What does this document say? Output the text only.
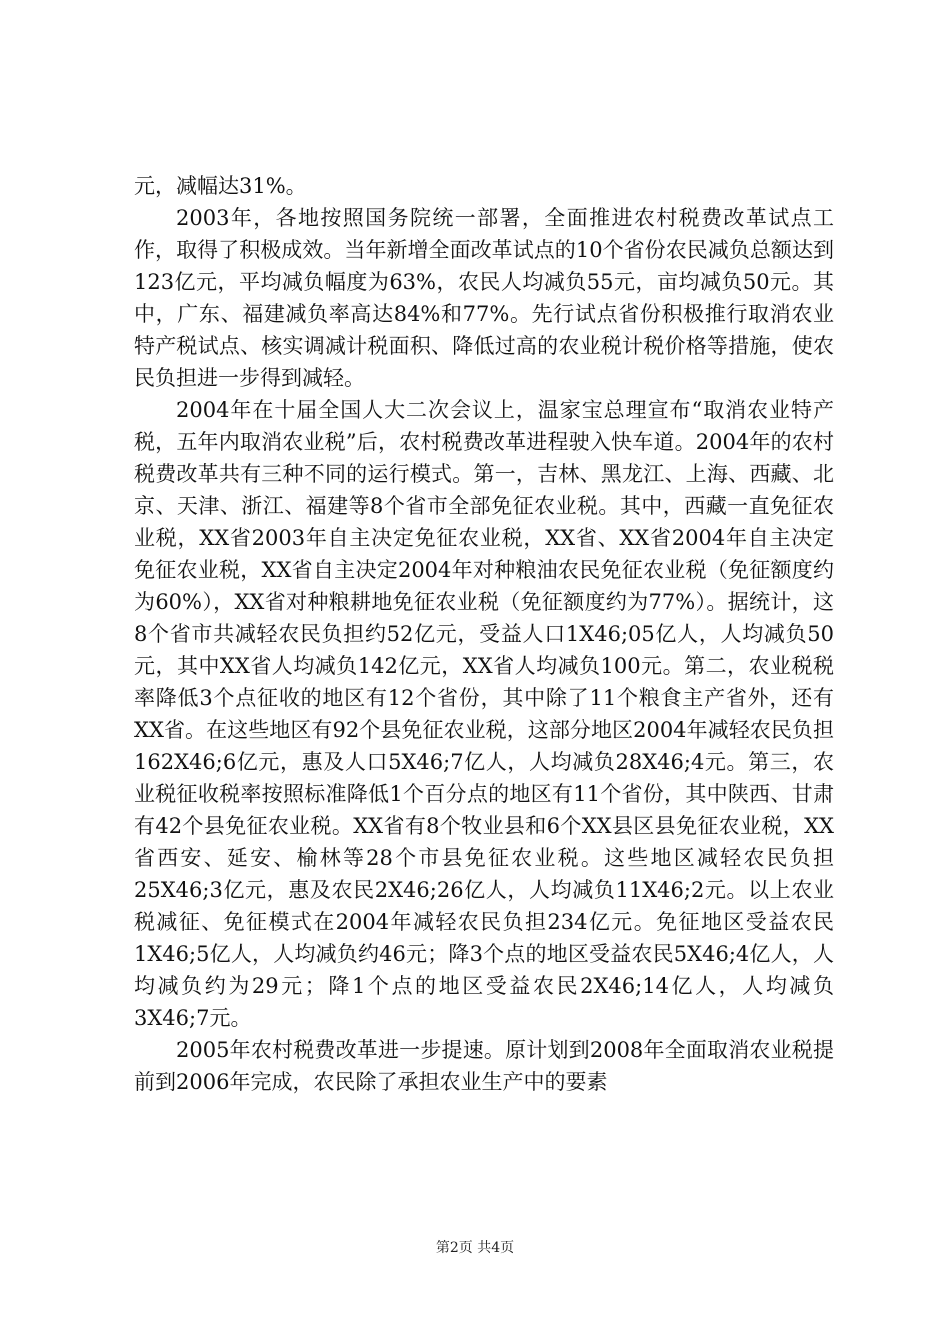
元，减幅达31%。

2003年，各地按照国务院统一部署，全面推进农村税费改革试点工作，取得了积极成效。当年新增全面改革试点的10个省份农民减负总额达到123亿元，平均减负幅度为63%，农民人均减负55元，亩均减负50元。其中，广东、福建减负率高达84%和77%。先行试点省份积极推行取消农业特产税试点、核实调减计税面积、降低过高的农业税计税价格等措施，使农民负担进一步得到减轻。

2004年在十届全国人大二次会议上，温家宝总理宣布“取消农业特产税，五年内取消农业税”后，农村税费改革进程驶入快车道。2004年的农村税费改革共有三种不同的运行模式。第一，吉林、黑龙江、上海、西藏、北京、天津、浙江、福建等8个省市全部免征农业税。其中，西藏一直免征农业税，XX省2003年自主决定免征农业税，XX省、XX省2004年自主决定免征农业税，XX省自主决定2004年对种粮油农民免征农业税（免征额度约为60%），XX省对种粮耕地免征农业税（免征额度约为77%）。据统计，这8个省市共减轻农民负担约52亿元，受益人口1X46;05亿人，人均减负50元，其中XX省人均减负142亿元，XX省人均减负100元。第二，农业税税率降低3个点征收的地区有12个省份，其中除了11个粮食主产省外，还有XX省。在这些地区有92个县免征农业税，这部分地区2004年减轻农民负担162X46;6亿元，惠及人口5X46;7亿人，人均减负28X46;4元。第三，农业税征收税率按照标准降低1个百分点的地区有11个省份，其中陕西、甘肃有42个县免征农业税。XX省有8个牧业县和6个XX县区县免征农业税，XX省西安、延安、榆林等28个市县免征农业税。这些地区减轻农民负担25X46;3亿元，惠及农民2X46;26亿人，人均减负11X46;2元。以上农业税减征、免征模式在2004年减轻农民负担234亿元。免征地区受益农民1X46;5亿人，人均减负约46元；降3个点的地区受益农民5X46;4亿人，人均减负约为29元；降1个点的地区受益农民2X46;14亿人，人均减负3X46;7元。

2005年农村税费改革进一步提速。原计划到2008年全面取消农业税提前到2006年完成，农民除了承担农业生产中的要素

第2页 共4页
